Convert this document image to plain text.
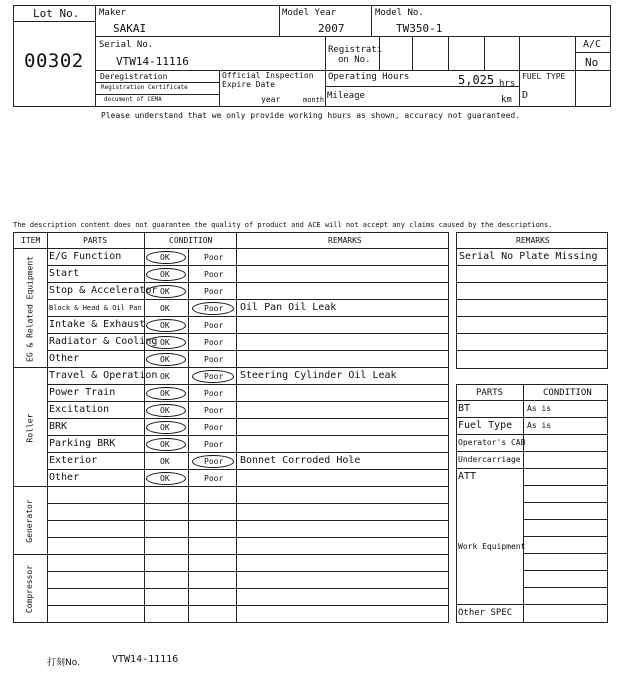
Lot No.
00302
Maker
SAKAI
Model Year
2007
Model No.
TW350-1
Serial No.
VTW14-11116
Registrati
on No.
A/C
No
Deregistration
Registration Certificate
document of CEMA
Official Inspection
Expire Date
year	month
Operating Hours	5,025 hrs
Mileage	km
FUEL TYPE
D
Please understand that we only provide working hours as shown, accuracy not guaranteed.
The description content does not guarantee the quality of product and ACE will not accept any claims caused by the descriptions.
ITEM	PARTS	CONDITION	REMARKS
EG & Related Equipment E/G Function	OK	Poor
Start	OK	Poor
Stop & Accelerator OK	Poor
Block & Head & Oil Pan OK	Poor Oil Pan Oil Leak
Intake & Exhaust OK	Poor
Radiator & Cooling OK	Poor
Other	OK	Poor
Roller
Travel & Operation OK	Poor Steering Cylinder Oil Leak
Power Train	OK	Poor
Excitation	OK	Poor
BRK	OK	Poor
Parking BRK	OK	Poor
Exterior	OK	Poor Bonnet Corroded Hole
Other	OK	Poor
Generator
Compressor
REMARKS
Serial No Plate Missing
PARTS	CONDITION
BT	As is
Fuel Type As is
Operator's CAB
Undercarriage
ATT
Work Equipment
Other SPEC
打刻No.	VTW14-11116
